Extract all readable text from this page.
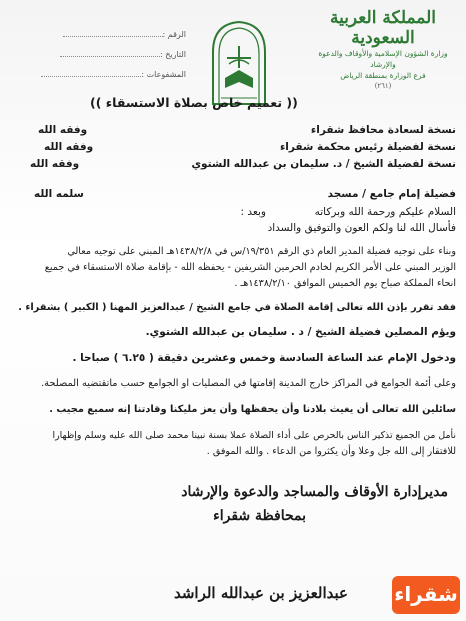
المملكة العربية السعودية
وزارة الشؤون الإسلامية والأوقاف والدعوة والإرشاد
فرع الوزارة بمنطقة الرياض
(٢٦١)
الرقم :
التاريخ :
المشفوعات :
(( تعميم خاص بصلاة الاستسقاء ))
نسخة لسعادة محافظ شقراء
نسخة لفضيلة رئيس محكمة شقراء
نسخة لفضيلة الشيخ / د. سليمان بن عبدالله الشتوي
وفقه الله
وفقه الله
وفقه الله
فضيلة إمام جامع / مسجد
سلمه الله
السلام عليكم ورحمة الله وبركاته
وبعد :
فأسال الله لنا ولكم العون والتوفيق والسداد
وبناء على توجيه فضيلة المدير العام ذي الرقم ١٩/٣٥١/س في ١٤٣٨/٢/٨هـ المبني على توجيه معالي
الوزير المبني على الأمر الكريم لخادم الحرمين الشريفين - يحفظه الله - بإقامة صلاة الاستسقاء في جميع
انحاء المملكة صباح يوم الخميس الموافق ١٤٣٨/٢/١٠هـ .
فقد تقرر بإذن الله تعالى إقامة الصلاة في جامع الشيخ / عبدالعزيز المهنا ( الكبير ) بشقراء .
ويؤم المصلين فضيلة الشيخ / د . سليمان بن عبدالله الشتوي.
ودخول الإمام عند الساعة السادسة وخمس وعشرين دقيقة ( ٦.٢٥ ) صباحا .
وعلى أئمة الجوامع في المراكز خارج المدينة إقامتها في المصليات او الجوامع حسب ماتقتضيه المصلحة.
سائلين الله تعالى أن يغيث بلادنا وأن يحفظها وأن يعز مليكنا وقادتنا إنه سميع مجيب .
نأمل من الجميع تذكير الناس بالحرص على أداء الصلاة عملا بسنة نبينا محمد صلى الله عليه وسلم وإظهارا
للافتقار إلى الله جل وعلا وأن يكثروا من الدعاء . والله الموفق .
مديرإدارة الأوقاف والمساجد والدعوة والإرشاد
بمحافظة شقراء
عبدالعزيز بن عبدالله الراشد شقراء
